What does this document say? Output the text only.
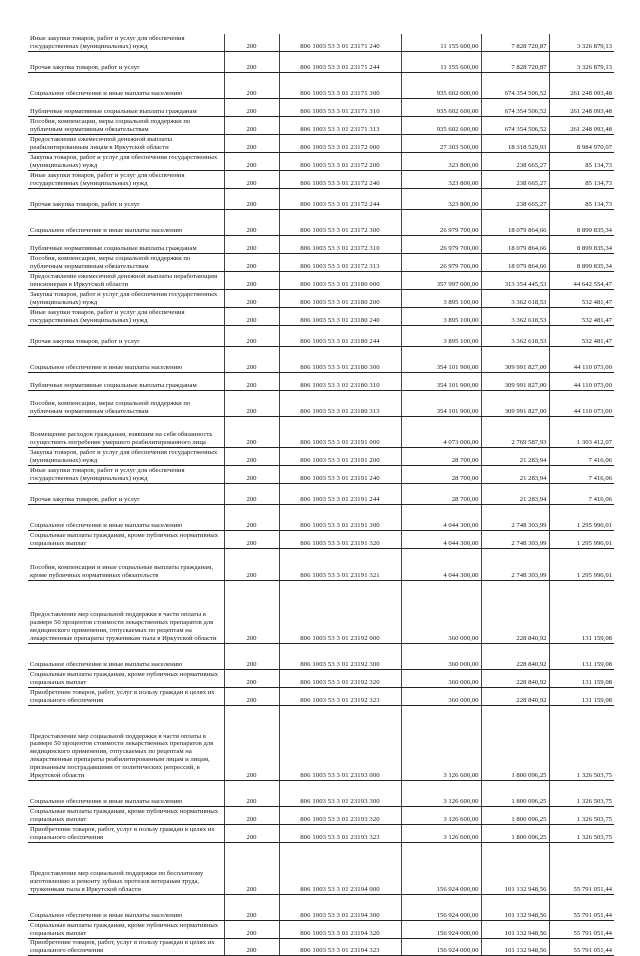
Иные закупки товаров, работ и услуг для обеспечения государственных (муниципальных) нужд	200	806 1003 53 3 01 23171 240	11 155 600,00	7 828 720,87	3 326 879,13
Прочая закупка товаров, работ и услуг	200	806 1003 53 3 01 23171 244	11 155 600,00	7 828 720,87	3 326 879,13
Социальное обеспечение и иные выплаты населению	200	806 1003 53 3 01 23171 300	935 602 600,00	674 354 506,52	261 248 093,48
Публичные нормативные социальные выплаты гражданам	200	806 1003 53 3 01 23171 310	935 602 600,00	674 354 506,52	261 248 093,48
Пособия, компенсации, меры социальной поддержки по публичным нормативным обязательствам	200	806 1003 53 3 01 23171 313	935 602 600,00	674 354 506,52	261 248 093,48
Предоставление ежемесячной денежной выплаты реабилитированным лицам в Иркутской области	200	806 1003 53 3 01 23172 000	27 303 500,00	18 318 529,93	8 984 970,07
Закупка товаров, работ и услуг для обеспечения государственных (муниципальных) нужд	200	806 1003 53 3 01 23172 200	323 800,00	238 665,27	85 134,73
Иные закупки товаров, работ и услуг для обеспечения государственных (муниципальных) нужд	200	806 1003 53 3 01 23172 240	323 800,00	238 665,27	85 134,73
Прочая закупка товаров, работ и услуг	200	806 1003 53 3 01 23172 244	323 800,00	238 665,27	85 134,73
Социальное обеспечение и иные выплаты населению	200	806 1003 53 3 01 23172 300	26 979 700,00	18 079 864,66	8 899 835,34
Публичные нормативные социальные выплаты гражданам	200	806 1003 53 3 01 23172 310	26 979 700,00	18 079 864,66	8 899 835,34
Пособия, компенсации, меры социальной поддержки по публичным нормативным обязательствам	200	806 1003 53 3 01 23172 313	26 979 700,00	18 079 864,66	8 899 835,34
Предоставление ежемесячной денежной выплаты неработающим пенсионерам в Иркутской области	200	806 1003 53 3 01 23180 000	357 997 000,00	313 354 445,53	44 642 554,47
Закупка товаров, работ и услуг для обеспечения государственных (муниципальных) нужд	200	806 1003 53 3 01 23180 200	3 895 100,00	3 362 618,53	532 481,47
Иные закупки товаров, работ и услуг для обеспечения государственных (муниципальных) нужд	200	806 1003 53 3 01 23180 240	3 895 100,00	3 362 618,53	532 481,47
Прочая закупка товаров, работ и услуг	200	806 1003 53 3 01 23180 244	3 895 100,00	3 362 618,53	532 481,47
Социальное обеспечение и иные выплаты населению	200	806 1003 53 3 01 23180 300	354 101 900,00	309 991 827,00	44 110 073,00
Публичные нормативные социальные выплаты гражданам	200	806 1003 53 3 01 23180 310	354 101 900,00	309 991 827,00	44 110 073,00
Пособия, компенсации, меры социальной поддержки по публичным нормативным обязательствам	200	806 1003 53 3 01 23180 313	354 101 900,00	309 991 827,00	44 110 073,00
Возмещение расходов гражданам, взявшим на себя обязанность осуществить погребение умершего реабилитированного лица	200	806 1003 53 3 01 23191 000	4 073 000,00	2 769 587,93	1 303 412,07
Закупка товаров, работ и услуг для обеспечения государственных (муниципальных) нужд	200	806 1003 53 3 01 23191 200	28 700,00	21 283,94	7 416,06
Иные закупки товаров, работ и услуг для обеспечения государственных (муниципальных) нужд	200	806 1003 53 3 01 23191 240	28 700,00	21 283,94	7 416,06
Прочая закупка товаров, работ и услуг	200	806 1003 53 3 01 23191 244	28 700,00	21 283,94	7 416,06
Социальное обеспечение и иные выплаты населению	200	806 1003 53 3 01 23191 300	4 044 300,00	2 748 303,99	1 295 996,01
Социальные выплаты гражданам, кроме публичных нормативных социальных выплат	200	806 1003 53 3 01 23191 320	4 044 300,00	2 748 303,99	1 295 996,01
Пособия, компенсации и иные социальные выплаты гражданам, кроме публичных нормативных обязательств	200	806 1003 53 3 01 23191 321	4 044 300,00	2 748 303,99	1 295 996,01
Предоставление мер социальной поддержки в части оплаты в размере 50 процентов стоимости лекарственных препаратов для медицинского применения, отпускаемых по рецептам на лекарственные препараты труженикам тыла в Иркутской области	200	806 1003 53 3 01 23192 000	360 000,00	228 840,92	131 159,08
Социальное обеспечение и иные выплаты населению	200	806 1003 53 3 01 23192 300	360 000,00	228 840,92	131 159,08
Социальные выплаты гражданам, кроме публичных нормативных социальных выплат	200	806 1003 53 3 01 23192 320	360 000,00	228 840,92	131 159,08
Приобретение товаров, работ, услуг в пользу граждан в целях их социального обеспечения	200	806 1003 53 3 01 23192 323	360 000,00	228 840,92	131 159,08
Предоставление мер социальной поддержки в части оплаты в размере 50 процентов стоимости лекарственных препаратов для медицинского применения, отпускаемых по рецептам на лекарственные препараты реабилитированным лицам и лицам, признанным пострадавшими от политических репрессий, в Иркутской области	200	806 1003 53 3 01 23193 000	3 126 600,00	1 800 096,25	1 326 503,75
Социальное обеспечение и иные выплаты населению	200	806 1003 53 3 01 23193 300	3 126 600,00	1 800 096,25	1 326 503,75
Социальные выплаты гражданам, кроме публичных нормативных социальных выплат	200	806 1003 53 3 01 23193 320	3 126 600,00	1 800 096,25	1 326 503,75
Приобретение товаров, работ, услуг в пользу граждан в целях их социального обеспечения	200	806 1003 53 3 01 23193 323	3 126 600,00	1 800 096,25	1 326 503,75
Предоставление мер социальной поддержки по бесплатному изготовлению и ремонту зубных протезов ветеранам труда, труженикам тыла в Иркутской области	200	806 1003 53 3 01 23194 000	156 924 000,00	101 132 948,56	55 791 051,44
Социальное обеспечение и иные выплаты населению	200	806 1003 53 3 01 23194 300	156 924 000,00	101 132 948,56	55 791 051,44
Социальные выплаты гражданам, кроме публичных нормативных социальных выплат	200	806 1003 53 3 01 23194 320	156 924 000,00	101 132 948,56	55 791 051,44
Приобретение товаров, работ, услуг в пользу граждан в целях их социального обеспечения	200	806 1003 53 3 01 23194 323	156 924 000,00	101 132 948,56	55 791 051,44
